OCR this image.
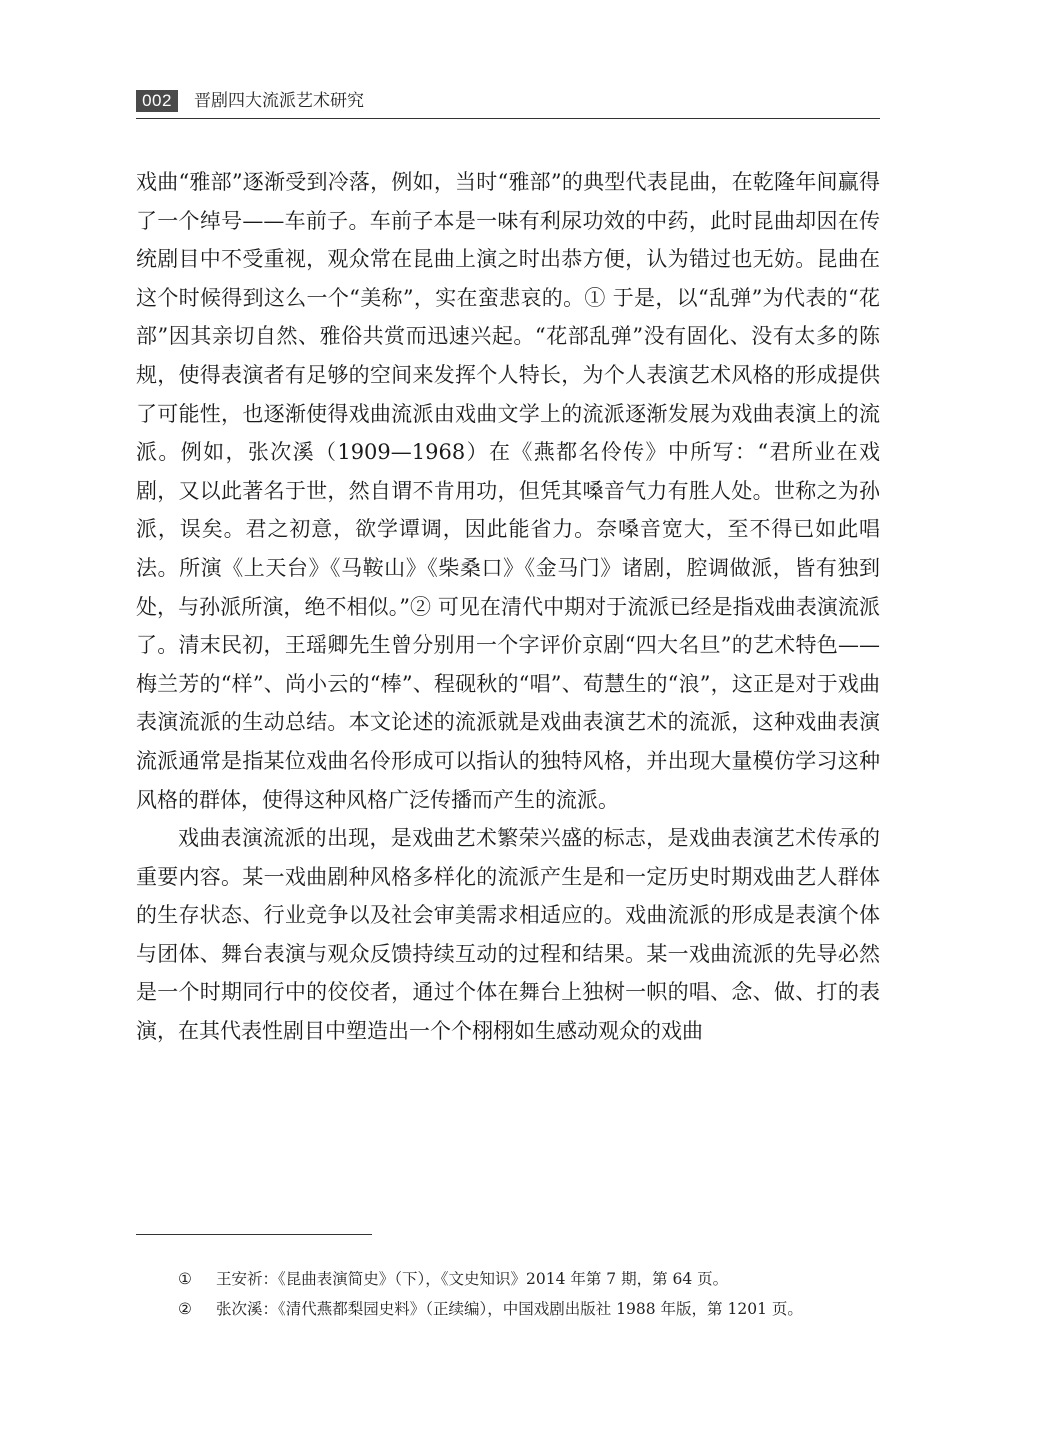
002	晋剧四大流派艺术研究

戏曲“雅部”逐渐受到冷落，例如，当时“雅部”的典型代表昆曲，在乾隆年间赢得了一个绰号——车前子。车前子本是一味有利尿功效的中药，此时昆曲却因在传统剧目中不受重视，观众常在昆曲上演之时出恭方便，认为错过也无妨。昆曲在这个时候得到这么一个“美称”，实在蛮悲哀的。① 于是，以“乱弹”为代表的“花部”因其亲切自然、雅俗共赏而迅速兴起。“花部乱弹”没有固化、没有太多的陈规，使得表演者有足够的空间来发挥个人特长，为个人表演艺术风格的形成提供了可能性，也逐渐使得戏曲流派由戏曲文学上的流派逐渐发展为戏曲表演上的流派。例如，张次溪（1909—1968）在《燕都名伶传》中所写：“君所业在戏剧，又以此著名于世，然自谓不肯用功，但凭其嗓音气力有胜人处。世称之为孙派，误矣。君之初意，欲学谭调，因此能省力。奈嗓音宽大，至不得已如此唱法。所演《上天台》《马鞍山》《柴桑口》《金马门》诸剧，腔调做派，皆有独到处，与孙派所演，绝不相似。”② 可见在清代中期对于流派已经是指戏曲表演流派了。清末民初，王瑶卿先生曾分别用一个字评价京剧“四大名旦”的艺术特色——梅兰芳的“样”、尚小云的“棒”、程砚秋的“唱”、荀慧生的“浪”，这正是对于戏曲表演流派的生动总结。本文论述的流派就是戏曲表演艺术的流派，这种戏曲表演流派通常是指某位戏曲名伶形成可以指认的独特风格，并出现大量模仿学习这种风格的群体，使得这种风格广泛传播而产生的流派。

戏曲表演流派的出现，是戏曲艺术繁荣兴盛的标志，是戏曲表演艺术传承的重要内容。某一戏曲剧种风格多样化的流派产生是和一定历史时期戏曲艺人群体的生存状态、行业竞争以及社会审美需求相适应的。戏曲流派的形成是表演个体与团体、舞台表演与观众反馈持续互动的过程和结果。某一戏曲流派的先导必然是一个时期同行中的佼佼者，通过个体在舞台上独树一帜的唱、念、做、打的表演，在其代表性剧目中塑造出一个个栩栩如生感动观众的戏曲

① 王安祈：《昆曲表演简史》（下），《文史知识》2014 年第 7 期，第 64 页。
② 张次溪：《清代燕都梨园史料》（正续编），中国戏剧出版社 1988 年版，第 1201 页。
